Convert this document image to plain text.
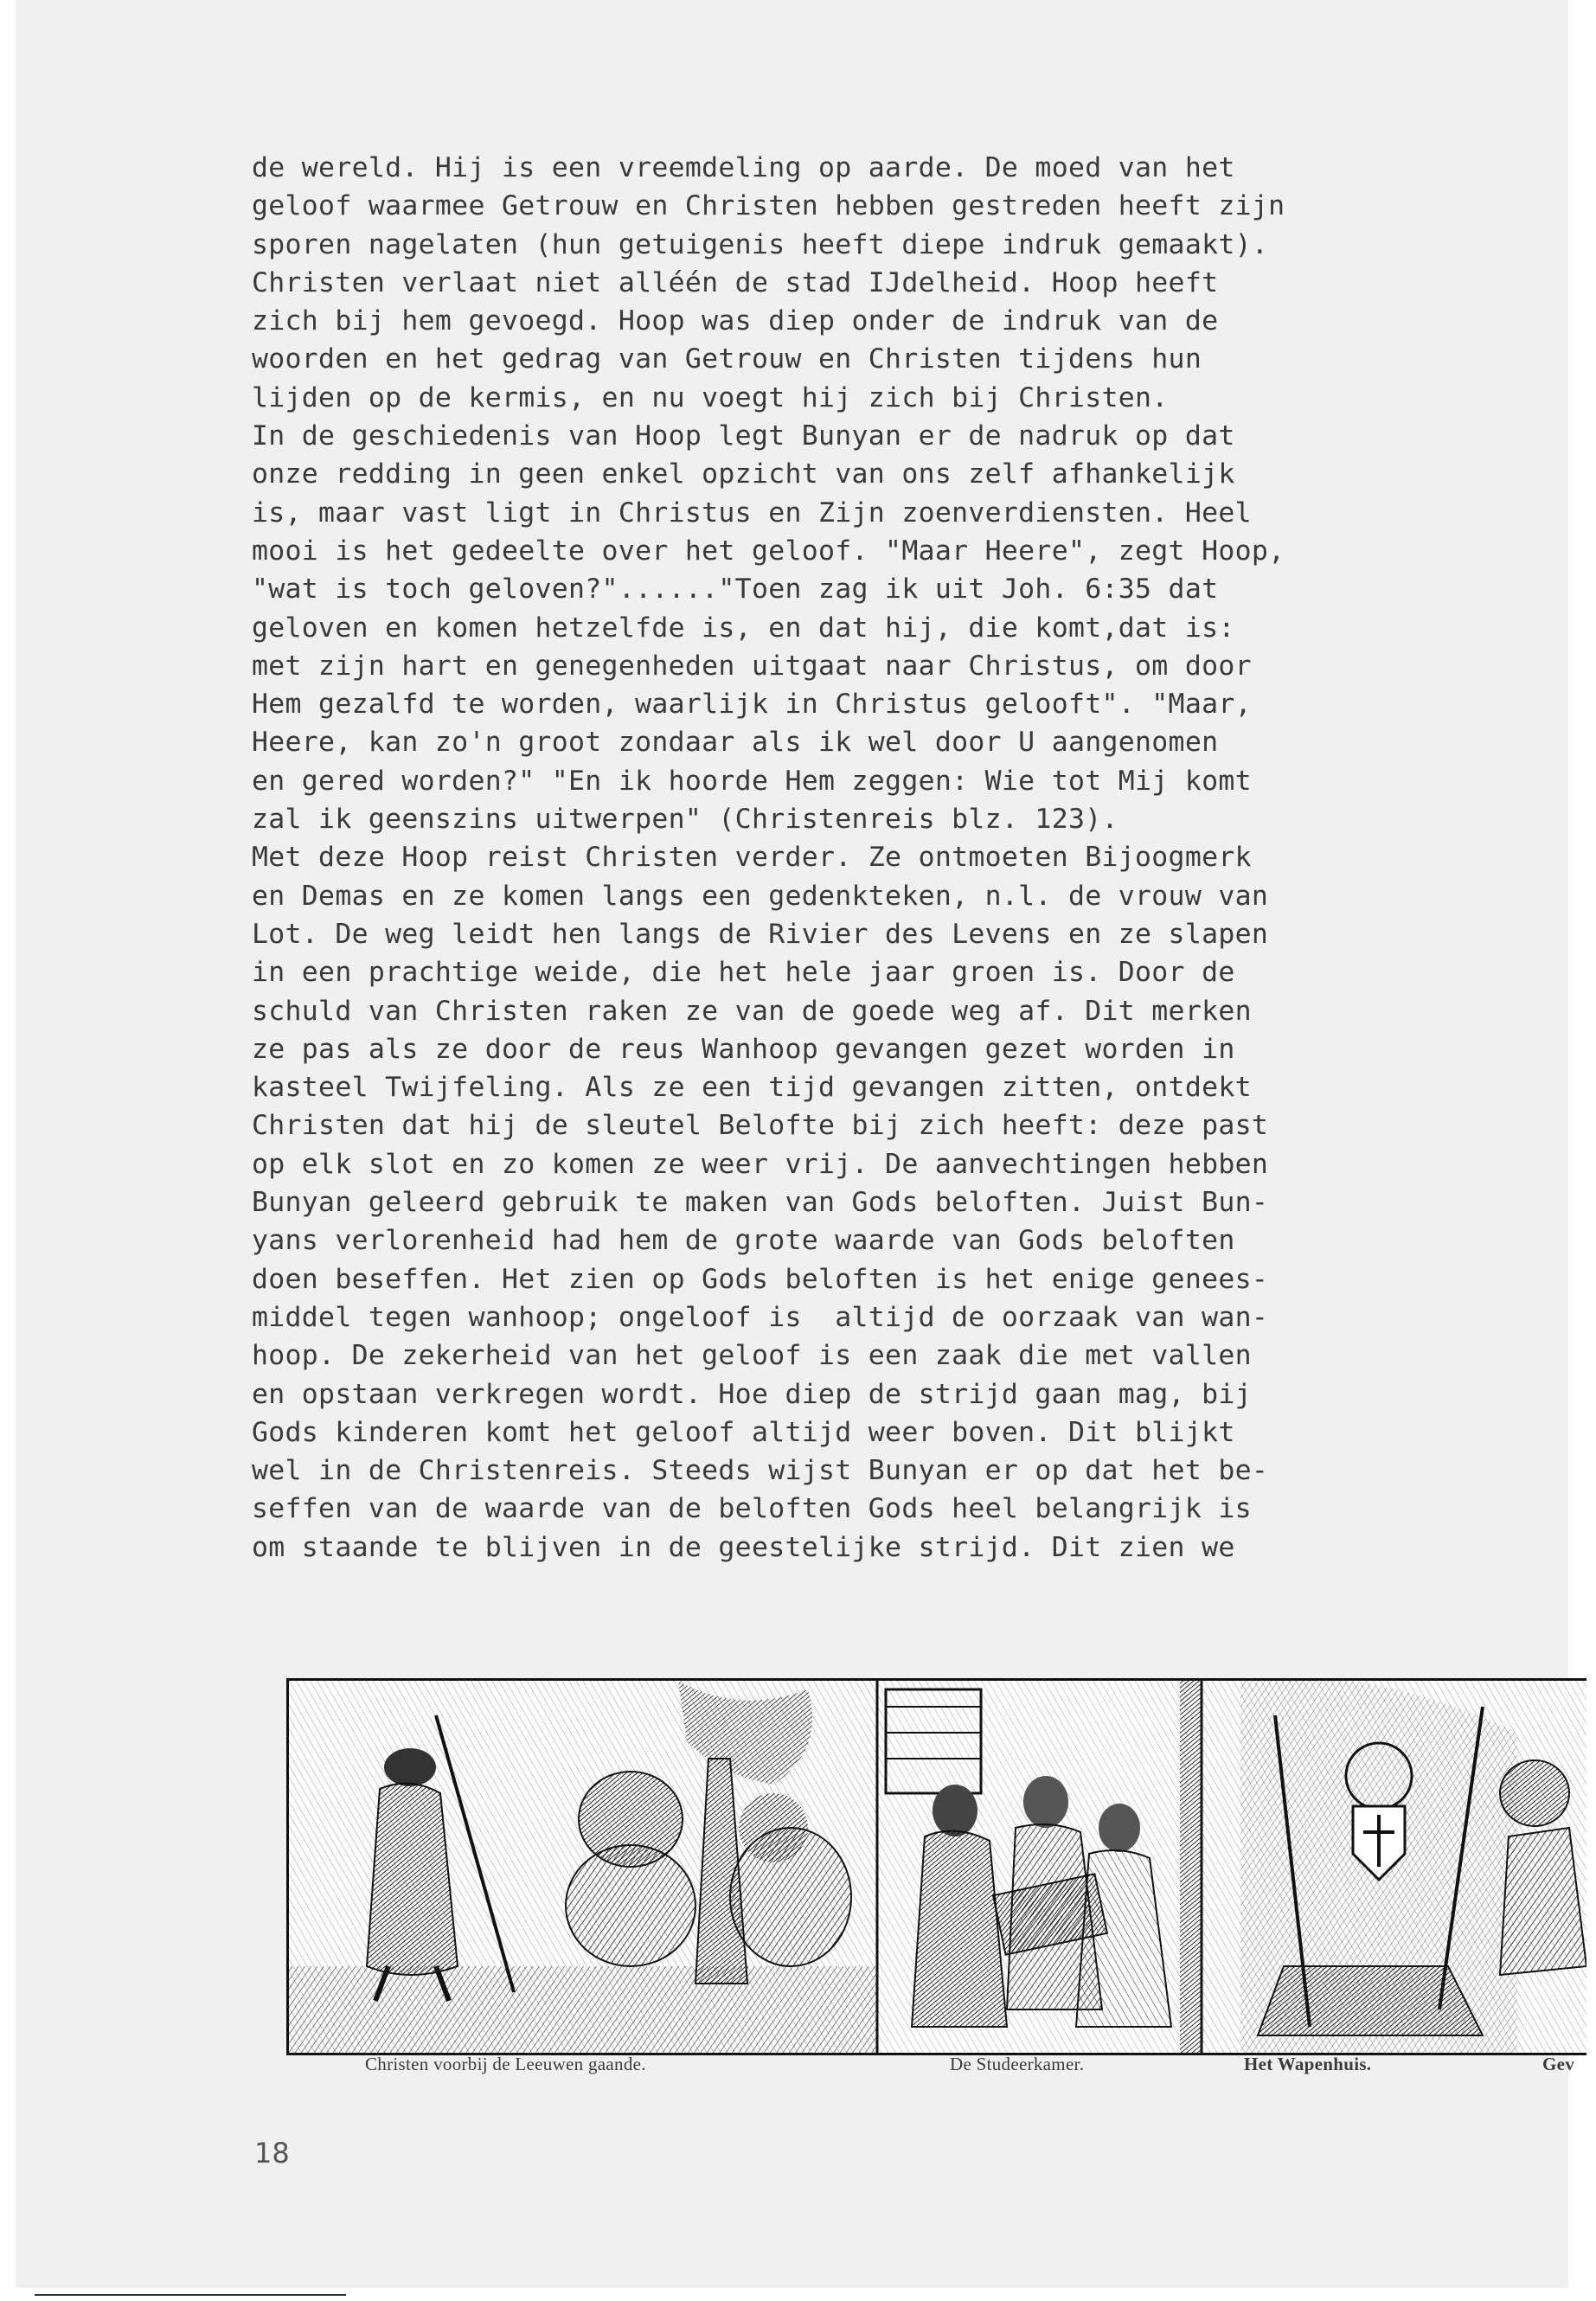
de wereld. Hij is een vreemdeling op aarde. De moed van het
geloof waarmee Getrouw en Christen hebben gestreden heeft zijn
sporen nagelaten (hun getuigenis heeft diepe indruk gemaakt).
Christen verlaat niet alléén de stad IJdelheid. Hoop heeft
zich bij hem gevoegd. Hoop was diep onder de indruk van de
woorden en het gedrag van Getrouw en Christen tijdens hun
lijden op de kermis, en nu voegt hij zich bij Christen.
In de geschiedenis van Hoop legt Bunyan er de nadruk op dat
onze redding in geen enkel opzicht van ons zelf afhankelijk
is, maar vast ligt in Christus en Zijn zoenverdiensten. Heel
mooi is het gedeelte over het geloof. "Maar Heere", zegt Hoop,
"wat is toch geloven?"......"Toen zag ik uit Joh. 6:35 dat
geloven en komen hetzelfde is, en dat hij, die komt,dat is:
met zijn hart en genegenheden uitgaat naar Christus, om door
Hem gezalfd te worden, waarlijk in Christus gelooft". "Maar,
Heere, kan zo'n groot zondaar als ik wel door U aangenomen
en gered worden?" "En ik hoorde Hem zeggen: Wie tot Mij komt
zal ik geenszins uitwerpen" (Christenreis blz. 123).
Met deze Hoop reist Christen verder. Ze ontmoeten Bijoogmerk
en Demas en ze komen langs een gedenkteken, n.l. de vrouw van
Lot. De weg leidt hen langs de Rivier des Levens en ze slapen
in een prachtige weide, die het hele jaar groen is. Door de
schuld van Christen raken ze van de goede weg af. Dit merken
ze pas als ze door de reus Wanhoop gevangen gezet worden in
kasteel Twijfeling. Als ze een tijd gevangen zitten, ontdekt
Christen dat hij de sleutel Belofte bij zich heeft: deze past
op elk slot en zo komen ze weer vrij. De aanvechtingen hebben
Bunyan geleerd gebruik te maken van Gods beloften. Juist Bun-
yans verlorenheid had hem de grote waarde van Gods beloften
doen beseffen. Het zien op Gods beloften is het enige genees-
middel tegen wanhoop; ongeloof is  altijd de oorzaak van wan-
hoop. De zekerheid van het geloof is een zaak die met vallen
en opstaan verkregen wordt. Hoe diep de strijd gaan mag, bij
Gods kinderen komt het geloof altijd weer boven. Dit blijkt
wel in de Christenreis. Steeds wijst Bunyan er op dat het be-
seffen van de waarde van de beloften Gods heel belangrijk is
om staande te blijven in de geestelijke strijd. Dit zien we
Christen voorbij de Leeuwen gaande.	De Studeerkamer.	Het Wapenhuis.	Gev
18
